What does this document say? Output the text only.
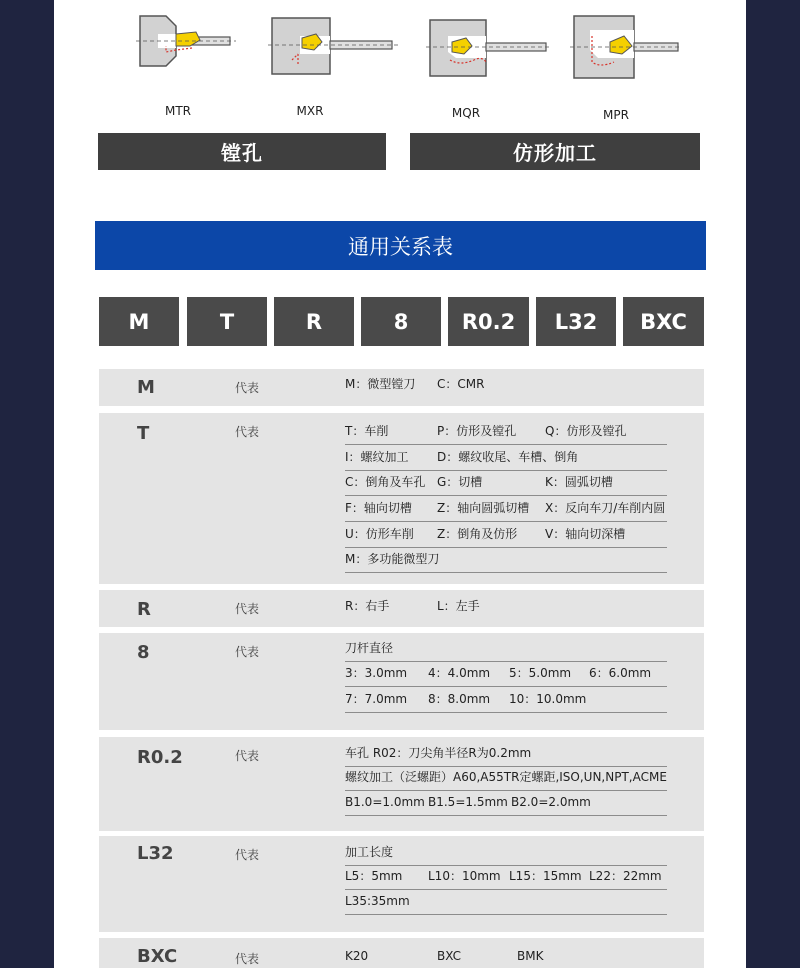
MTR	MXR	MQR	MPR
镗孔	仿形加工
通用关系表
M	T	R	8	R0.2	L32	BXC
M	代表	M：微型镗刀 C：CMR
T	代表	T：车削	P：仿形及镗孔 Q：仿形及镗孔
I：螺纹加工 D：螺纹收尾、车槽、倒角
C：倒角及车孔 G：切槽	K：圆弧切槽
F：轴向切槽 Z：轴向圆弧切槽 X：反向车刀/车削内圆
U：仿形车削 Z：倒角及仿形 V：轴向切深槽
M：多功能微型刀
R	代表	R：右手	L：左手
8	代表	刀杆直径
3：3.0mm 4：4.0mm 5：5.0mm 6：6.0mm
7：7.0mm 8：8.0mm 10：10.0mm
R0.2	代表	车孔 R02：刀尖角半径R为0.2mm
螺纹加工（泛螺距）A60,A55TR定螺距,ISO,UN,NPT,ACME
B1.0=1.0mm B1.5=1.5mm B2.0=2.0mm
L32	代表	加工长度
L5：5mm L10：10mm L15：15mm L22：22mm
L35:35mm
BXC	代表	K20	BXC	BMK
